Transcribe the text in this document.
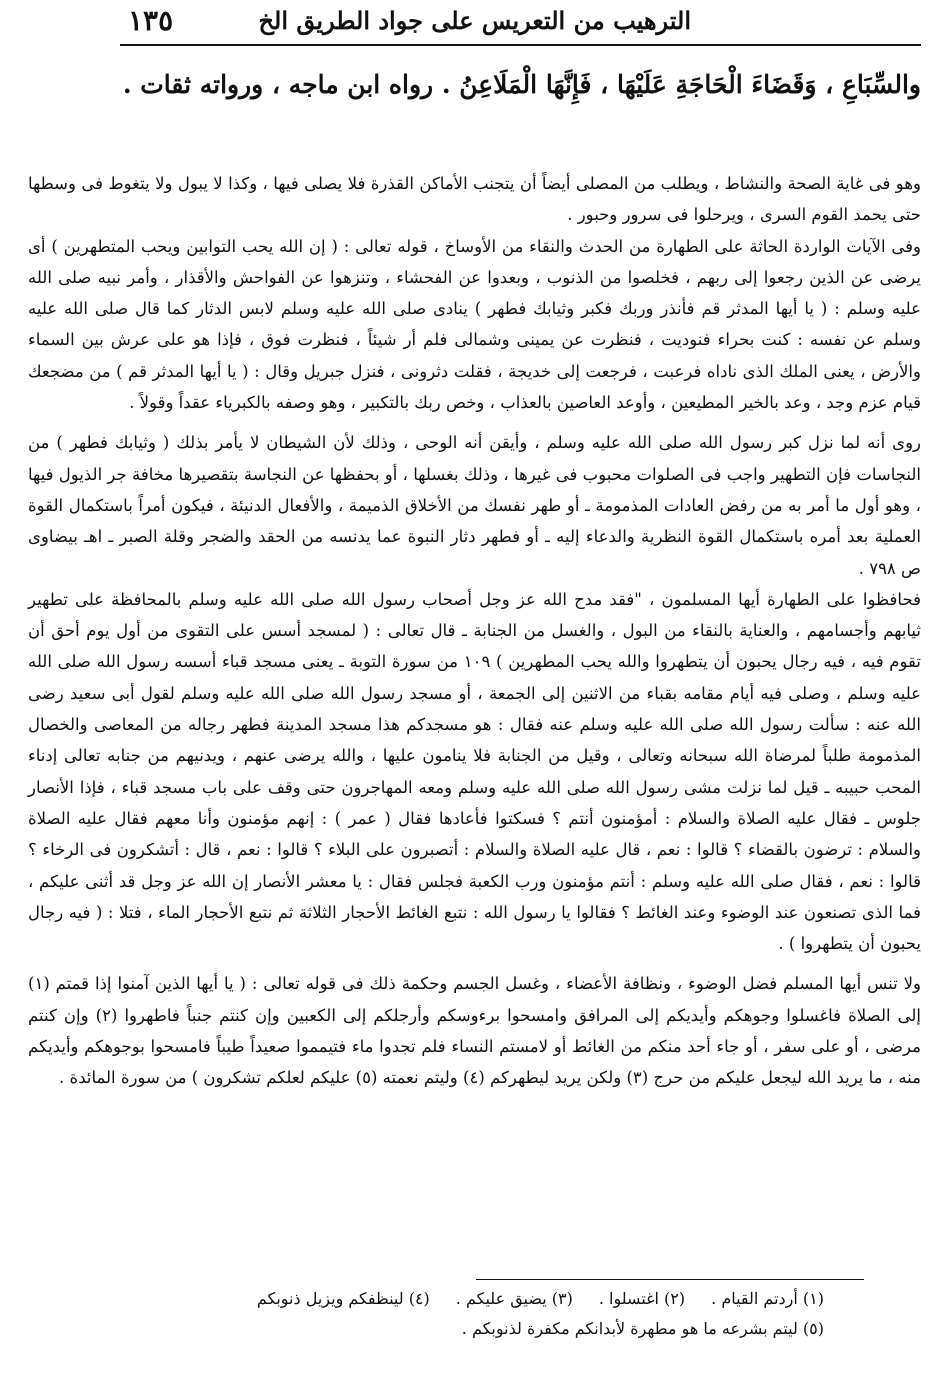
الترهيب من التعريس على جواد الطريق الخ
١٣٥
والسِّبَاعِ ، وَقَضَاءَ الْحَاجَةِ عَلَيْهَا ، فَإِنَّهَا الْمَلَاعِنُ . رواه ابن ماجه ، ورواته ثقات .

وهو فى غاية الصحة والنشاط ، ويطلب من المصلى أيضاً أن يتجنب الأماكن القذرة فلا يصلى فيها ، وكذا لا يبول ولا يتغوط فى وسطها حتى يحمد القوم السرى ، ويرحلوا فى سرور وحبور .

وفى الآيات الواردة الحاثة على الطهارة من الحدث والنقاء من الأوساخ ، قوله تعالى : ( إن الله يحب التوابين ويحب المتطهرين ) أى يرضى عن الذين رجعوا إلى ربهم ، فخلصوا من الذنوب ، وبعدوا عن الفحشاء ، وتنزهوا عن الفواحش والأقذار ، وأمر نبيه صلى الله عليه وسلم : ( يا أيها المدثر قم فأنذر وربك فكبر وثيابك فطهر ) ينادى صلى الله عليه وسلم لابس الدثار كما قال صلى الله عليه وسلم عن نفسه : كنت بحراء فنوديت ، فنظرت عن يمينى وشمالى فلم أر شيئاً ، فنظرت فوق ، فإذا هو على عرش بين السماء والأرض ، يعنى الملك الذى ناداه فرعبت ، فرجعت إلى خديجة ، فقلت دثرونى ، فنزل جبريل وقال : ( يا أيها المدثر قم ) من مضجعك قيام عزم وجد ، وعد بالخير المطيعين ، وأوعد العاصين بالعذاب ، وخص ربك بالتكبير ، وهو وصفه بالكبرياء عقداً وقولاً .

روى أنه لما نزل كبر رسول الله صلى الله عليه وسلم ، وأيقن أنه الوحى ، وذلك لأن الشيطان لا يأمر بذلك ( وثيابك فطهر ) من النجاسات فإن التطهير واجب فى الصلوات محبوب فى غيرها ، وذلك بغسلها ، أو بحفظها عن النجاسة بتقصيرها مخافة جر الذيول فيها ، وهو أول ما أمر به من رفض العادات المذمومة ـ أو طهر نفسك من الأخلاق الذميمة ، والأفعال الدنيئة ، فيكون أمراً باستكمال القوة العملية بعد أمره باستكمال القوة النظرية والدعاء إليه ـ أو فطهر دثار النبوة عما يدنسه من الحقد والضجر وقلة الصبر ـ اهـ بيضاوى ص ٧٩٨ .

فحافظوا على الطهارة أيها المسلمون ، "فقد مدح الله عز وجل أصحاب رسول الله صلى الله عليه وسلم بالمحافظة على تطهير ثيابهم وأجسامهم ، والعناية بالنقاء من البول ، والغسل من الجنابة ـ قال تعالى : ( لمسجد أسس على التقوى من أول يوم أحق أن تقوم فيه ، فيه رجال يحبون أن يتطهروا والله يحب المطهرين ) ١٠٩ من سورة التوبة ـ يعنى مسجد قباء أسسه رسول الله صلى الله عليه وسلم ، وصلى فيه أيام مقامه بقباء من الاثنين إلى الجمعة ، أو مسجد رسول الله صلى الله عليه وسلم لقول أبى سعيد رضى الله عنه : سألت رسول الله صلى الله عليه وسلم عنه فقال : هو مسجدكم هذا مسجد المدينة فطهر رجاله من المعاصى والخصال المذمومة طلباً لمرضاة الله سبحانه وتعالى ، وقيل من الجنابة فلا ينامون عليها ، والله يرضى عنهم ، ويدنيهم من جنابه تعالى إدناء المحب حبيبه ـ قيل لما نزلت مشى رسول الله صلى الله عليه وسلم ومعه المهاجرون حتى وقف على باب مسجد قباء ، فإذا الأنصار جلوس ـ فقال عليه الصلاة والسلام : أمؤمنون أنتم ؟ فسكتوا فأعادها فقال ( عمر ) : إنهم مؤمنون وأنا معهم فقال عليه الصلاة والسلام : ترضون بالقضاء ؟ قالوا : نعم ، قال عليه الصلاة والسلام : أتصبرون على البلاء ؟ قالوا : نعم ، قال : أتشكرون فى الرخاء ؟ قالوا : نعم ، فقال صلى الله عليه وسلم : أنتم مؤمنون ورب الكعبة فجلس فقال : يا معشر الأنصار إن الله عز وجل قد أثنى عليكم ، فما الذى تصنعون عند الوضوء وعند الغائط ؟ فقالوا يا رسول الله : نتبع الغائط الأحجار الثلاثة ثم نتبع الأحجار الماء ، فتلا : ( فيه رجال يحبون أن يتطهروا ) .

ولا تنس أيها المسلم فضل الوضوء ، ونظافة الأعضاء ، وغسل الجسم وحكمة ذلك فى قوله تعالى : ( يا أيها الذين آمنوا إذا قمتم (١) إلى الصلاة فاغسلوا وجوهكم وأيديكم إلى المرافق وامسحوا برءوسكم وأرجلكم إلى الكعبين وإن كنتم جنباً فاطهروا (٢) وإن كنتم مرضى ، أو على سفر ، أو جاء أحد منكم من الغائط أو لامستم النساء فلم تجدوا ماء فتيمموا صعيداً طيباً فامسحوا بوجوهكم وأيديكم منه ، ما يريد الله ليجعل عليكم من حرج (٣) ولكن يريد ليطهركم (٤) وليتم نعمته (٥) عليكم لعلكم تشكرون ) من سورة المائدة .

(١) أردتم القيام .
(٢) اغتسلوا .
(٣) يضيق عليكم .
(٤) لينظفكم ويزيل ذنوبكم
(٥) ليتم بشرعه ما هو مطهرة لأبدانكم مكفرة لذنوبكم .
